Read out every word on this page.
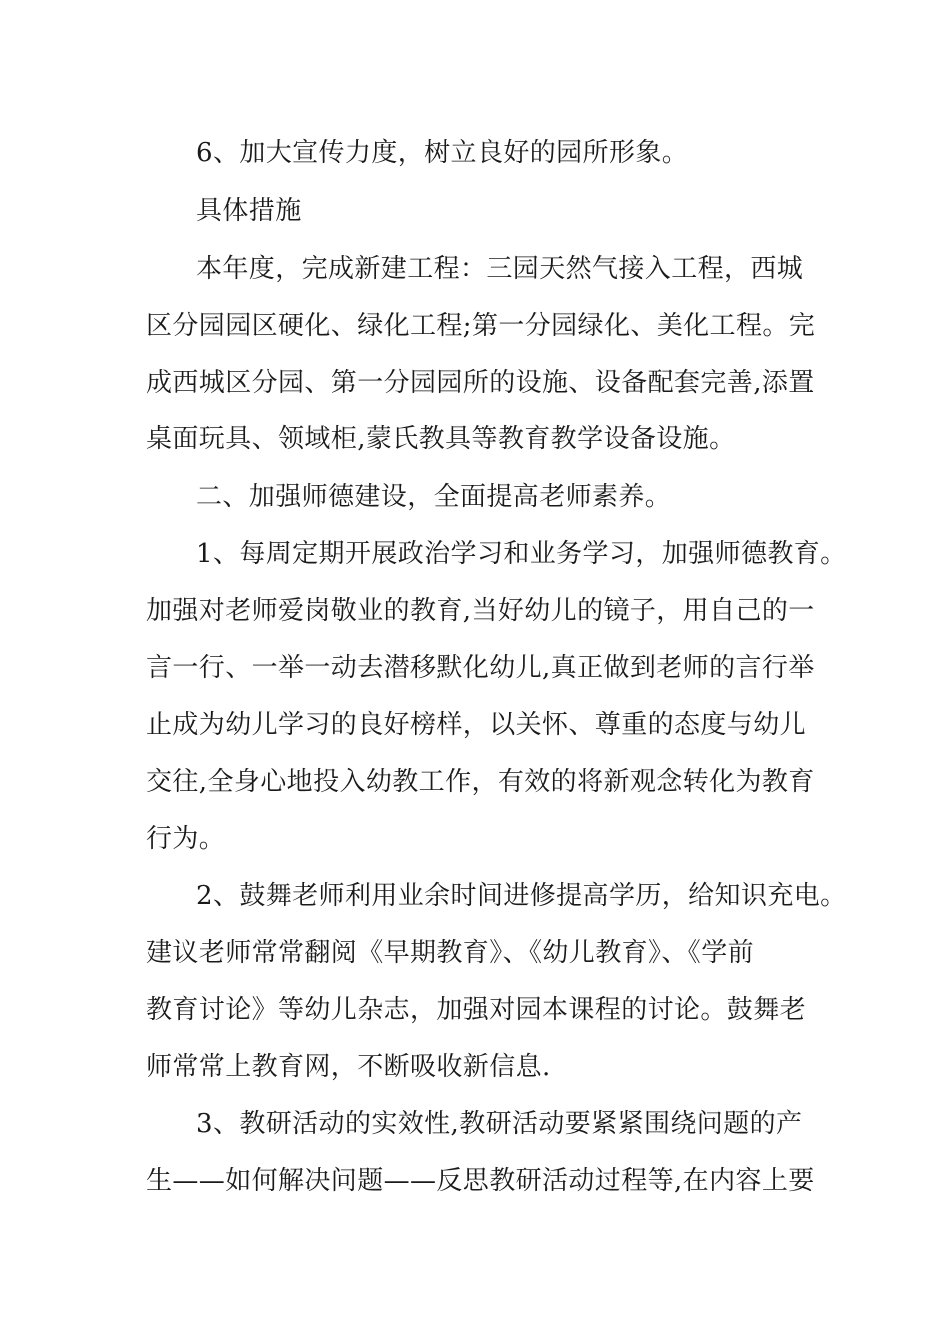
6、加大宣传力度，树立良好的园所形象。
具体措施
本年度，完成新建工程：三园天然气接入工程，西城
区分园园区硬化、绿化工程;第一分园绿化、美化工程。完
成西城区分园、第一分园园所的设施、设备配套完善,添置
桌面玩具、领域柜,蒙氏教具等教育教学设备设施。
二、加强师德建设，全面提高老师素养。
1、每周定期开展政治学习和业务学习，加强师德教育。
加强对老师爱岗敬业的教育,当好幼儿的镜子，用自己的一
言一行、一举一动去潜移默化幼儿,真正做到老师的言行举
止成为幼儿学习的良好榜样，以关怀、尊重的态度与幼儿
交往,全身心地投入幼教工作，有效的将新观念转化为教育
行为。
2、鼓舞老师利用业余时间进修提高学历，给知识充电。
建议老师常常翻阅《早期教育》、《幼儿教育》、《学前
教育讨论》等幼儿杂志，加强对园本课程的讨论。鼓舞老
师常常上教育网，不断吸收新信息.
3、教研活动的实效性,教研活动要紧紧围绕问题的产
生——如何解决问题——反思教研活动过程等,在内容上要
